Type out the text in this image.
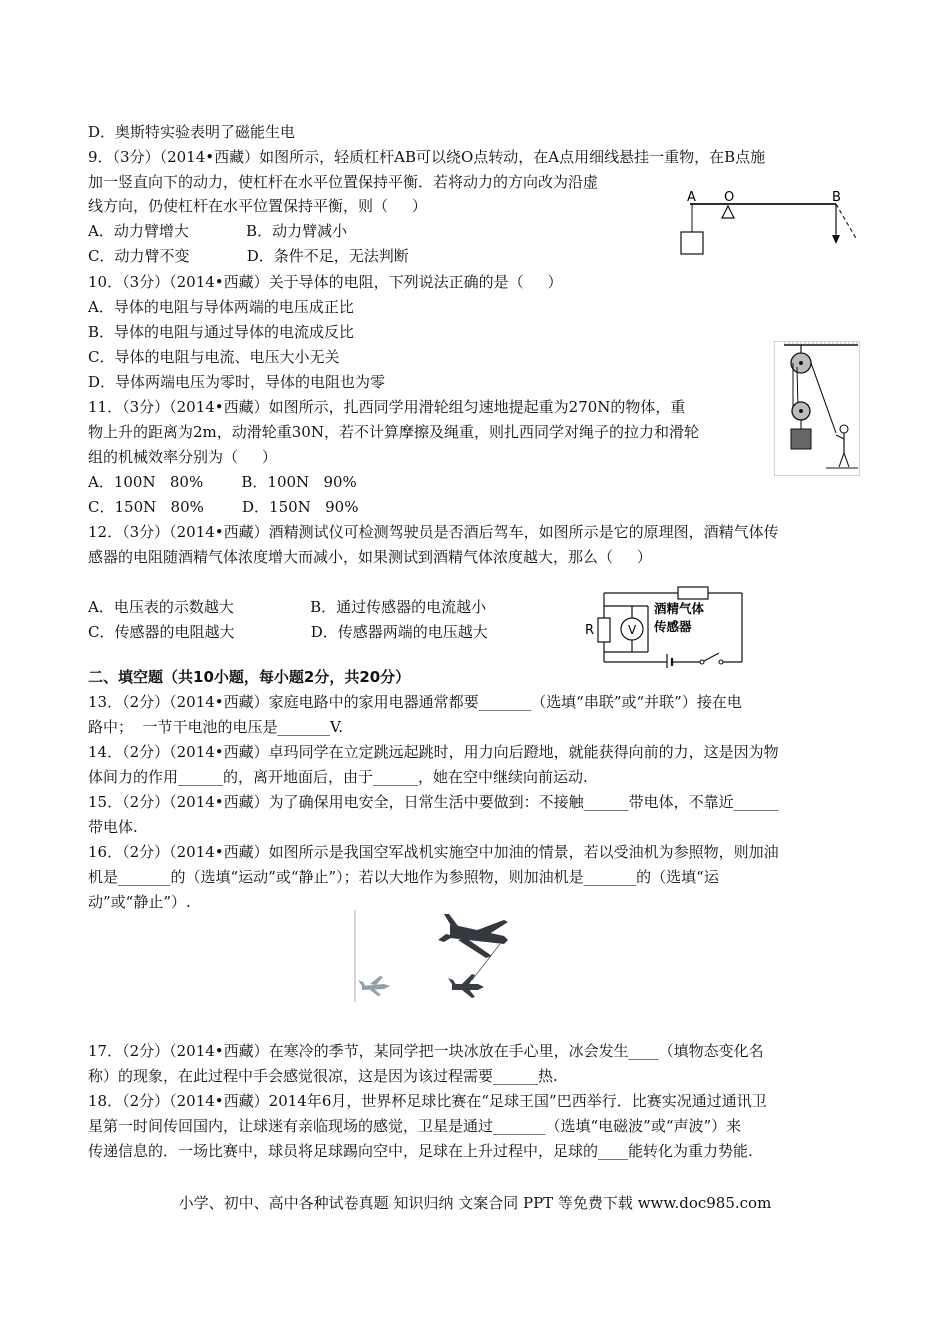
D．奥斯特实验表明了磁能生电
9．（3分）（2014•西藏）如图所示，轻质杠杆AB可以绕O点转动，在A点用细线悬挂一重物，在B点施
加一竖直向下的动力，使杠杆在水平位置保持平衡．若将动力的方向改为沿虚
线方向，仍使杠杆在水平位置保持平衡，则（     ）
A．动力臂增大            B．动力臂减小
C．动力臂不变            D．条件不足，无法判断
10．（3分）（2014•西藏）关于导体的电阻，下列说法正确的是（     ）
A．导体的电阻与导体两端的电压成正比
B．导体的电阻与通过导体的电流成反比
C．导体的电阻与电流、电压大小无关
D．导体两端电压为零时，导体的电阻也为零
11．（3分）（2014•西藏）如图所示，扎西同学用滑轮组匀速地提起重为270N的物体，重
物上升的距离为2m，动滑轮重30N，若不计算摩擦及绳重，则扎西同学对绳子的拉力和滑轮
组的机械效率分别为（     ）
A．100N   80%        B．100N   90%
C．150N   80%        D．150N   90%
12．（3分）（2014•西藏）酒精测试仪可检测驾驶员是否酒后驾车，如图所示是它的原理图，酒精气体传
感器的电阻随酒精气体浓度增大而减小，如果测试到酒精气体浓度越大，那么（     ）
A．电压表的示数越大                B．通过传感器的电流越小
C．传感器的电阻越大                D．传感器两端的电压越大
二、填空题（共10小题，每小题2分，共20分）
13．（2分）（2014•西藏）家庭电路中的家用电器通常都要_______（选填“串联”或“并联”）接在电
路中；  一节干电池的电压是_______V.
14．（2分）（2014•西藏）卓玛同学在立定跳远起跳时，用力向后蹬地，就能获得向前的力，这是因为物
体间力的作用______的，离开地面后，由于______，她在空中继续向前运动.
15．（2分）（2014•西藏）为了确保用电安全，日常生活中要做到：不接触______带电体，不靠近______
带电体.
16．（2分）（2014•西藏）如图所示是我国空军战机实施空中加油的情景，若以受油机为参照物，则加油
机是_______的（选填“运动”或“静止”）；若以大地作为参照物，则加油机是_______的（选填“运
动”或“静止”）.
17．（2分）（2014•西藏）在寒冷的季节，某同学把一块冰放在手心里，冰会发生____（填物态变化名
称）的现象，在此过程中手会感觉很凉，这是因为该过程需要______热.
18．（2分）（2014•西藏）2014年6月，世界杯足球比赛在“足球王国”巴西举行．比赛实况通过通讯卫
星第一时间传回国内，让球迷有亲临现场的感觉，卫星是通过_______（选填“电磁波”或“声波”）来
传递信息的．一场比赛中，球员将足球踢向空中，足球在上升过程中，足球的____能转化为重力势能.
A O	B
R	V
酒精气体
传感器
小学、初中、高中各种试卷真题 知识归纳 文案合同 PPT 等免费下载 www.doc985.com
